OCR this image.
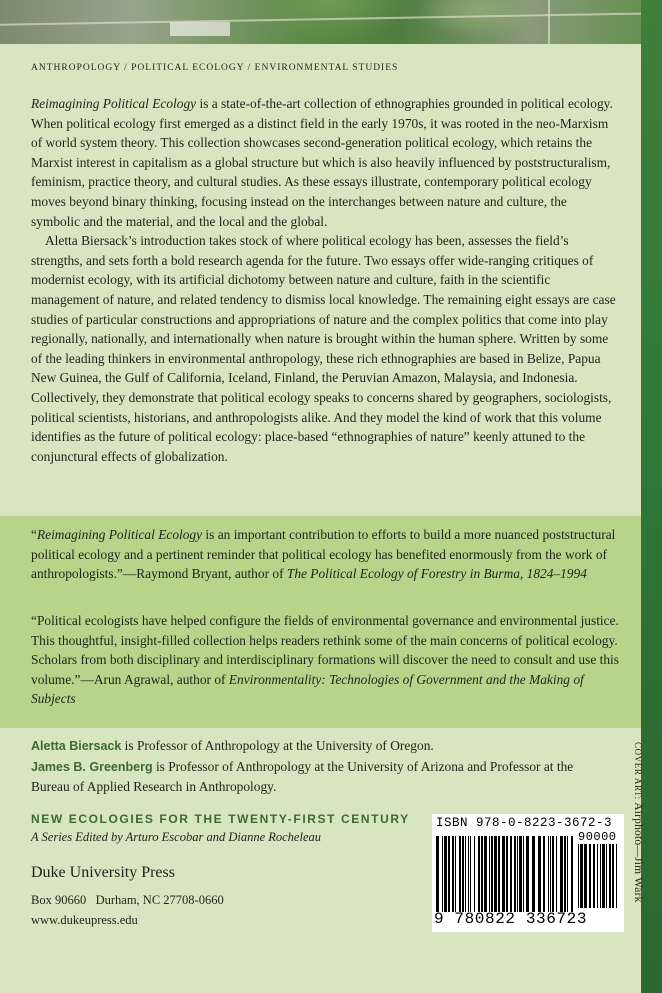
ANTHROPOLOGY / POLITICAL ECOLOGY / ENVIRONMENTAL STUDIES

Reimagining Political Ecology is a state-of-the-art collection of ethnographies grounded in political ecology. When political ecology first emerged as a distinct field in the early 1970s, it was rooted in the neo-Marxism of world system theory. This collection showcases second-generation political ecology, which retains the Marxist interest in capitalism as a global structure but which is also heavily influenced by poststructuralism, feminism, practice theory, and cultural studies. As these essays illustrate, contemporary political ecology moves beyond binary thinking, focusing instead on the interchanges between nature and culture, the symbolic and the material, and the local and the global.

Aletta Biersack’s introduction takes stock of where political ecology has been, assesses the field’s strengths, and sets forth a bold research agenda for the future. Two essays offer wide-ranging critiques of modernist ecology, with its artificial dichotomy between nature and culture, faith in the scientific management of nature, and related tendency to dismiss local knowledge. The remaining eight essays are case studies of particular constructions and appropriations of nature and the complex politics that come into play regionally, nationally, and internationally when nature is brought within the human sphere. Written by some of the leading thinkers in environmental anthropology, these rich ethnographies are based in Belize, Papua New Guinea, the Gulf of California, Iceland, Finland, the Peruvian Amazon, Malaysia, and Indonesia. Collectively, they demonstrate that political ecology speaks to concerns shared by geographers, sociologists, political scientists, historians, and anthropologists alike. And they model the kind of work that this volume identifies as the future of political ecology: place-based “ethnographies of nature” keenly attuned to the conjunctural effects of globalization.

“Reimagining Political Ecology is an important contribution to efforts to build a more nuanced poststructural political ecology and a pertinent reminder that political ecology has benefited enormously from the work of anthropologists.”—Raymond Bryant, author of The Political Ecology of Forestry in Burma, 1824–1994
“Political ecologists have helped configure the fields of environmental governance and environmental justice. This thoughtful, insight-filled collection helps readers rethink some of the main concerns of political ecology. Scholars from both disciplinary and interdisciplinary formations will discover the need to consult and use this volume.”—Arun Agrawal, author of Environmentality: Technologies of Government and the Making of Subjects

Aletta Biersack is Professor of Anthropology at the University of Oregon.

James B. Greenberg is Professor of Anthropology at the University of Arizona and Professor at the Bureau of Applied Research in Anthropology.

NEW ECOLOGIES FOR THE TWENTY-FIRST CENTURY
A Series Edited by Arturo Escobar and Dianne Rocheleau
Duke University Press
Box 90660   Durham, NC 27708-0660
www.dukeupress.edu
ISBN 978-0-8223-3672-3
90000
9 780822 336723
COVER ART: Airphoto—Jim Wark
